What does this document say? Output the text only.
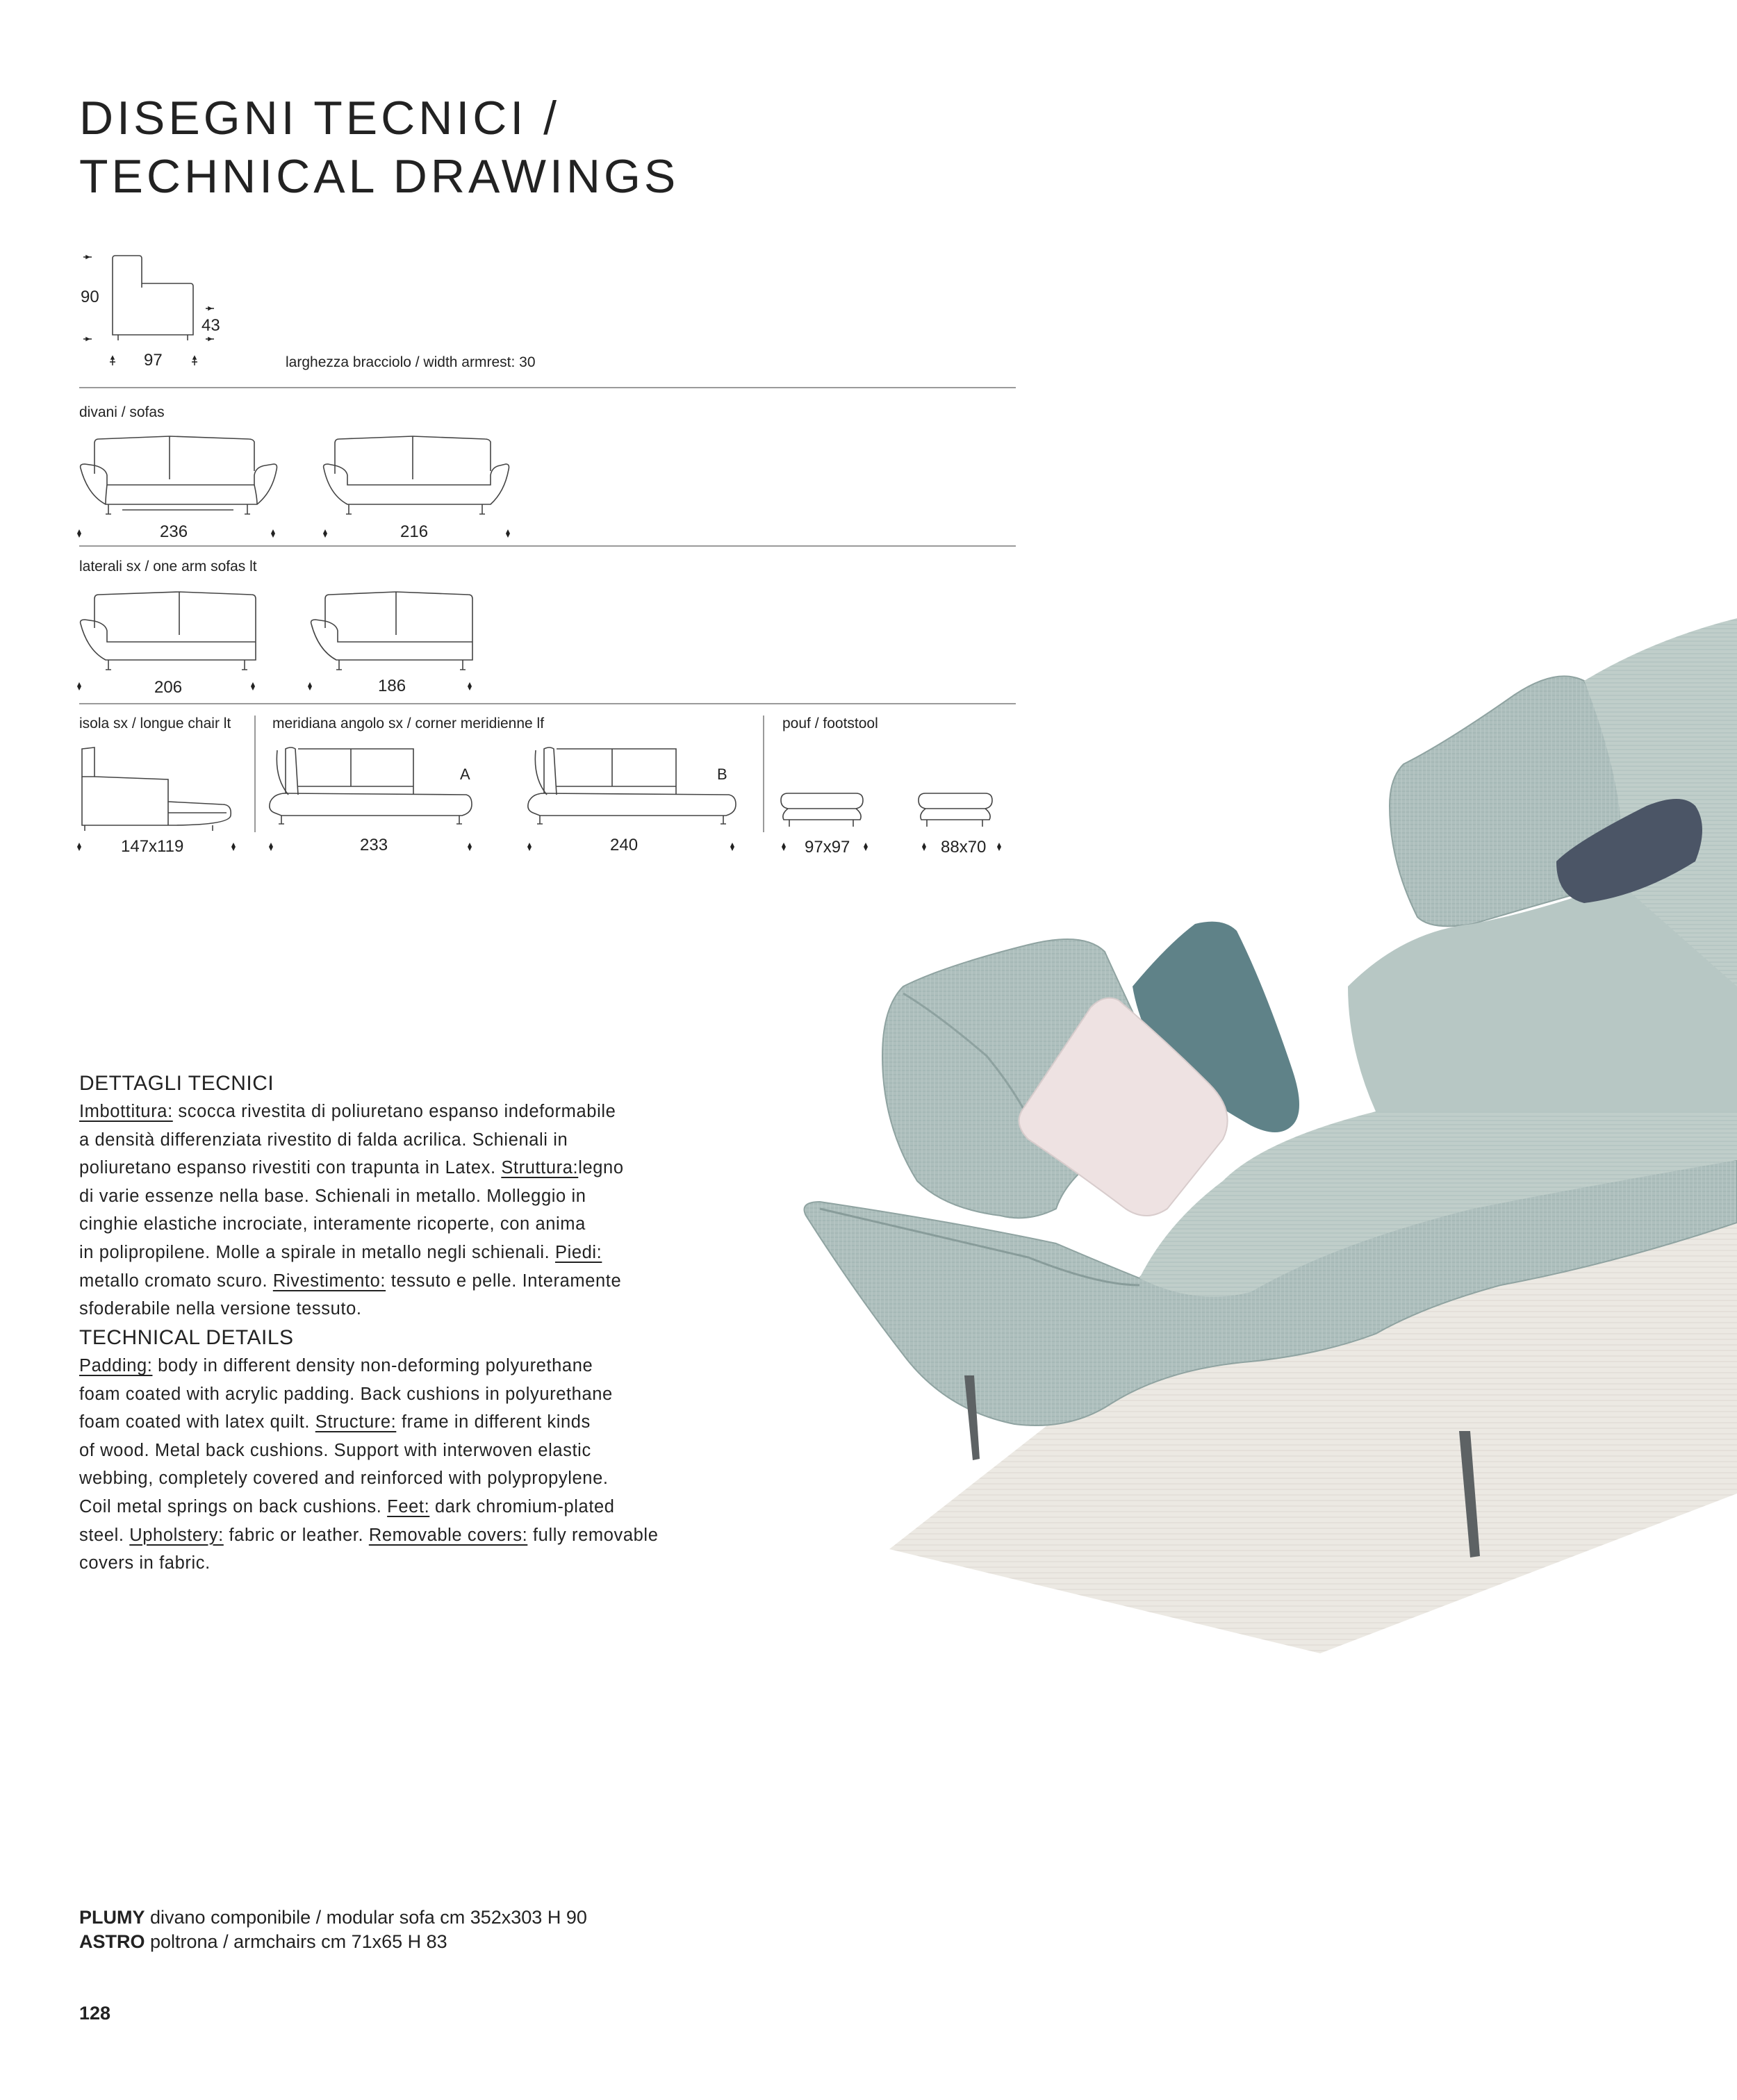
DISEGNI TECNICI /
TECHNICAL DRAWINGS
90
43
97	larghezza bracciolo / width armrest: 30
divani / sofas
236	216
laterali sx / one arm sofas lt
206	186
isola sx / longue chair lt	meridiana angolo sx / corner meridienne lf	pouf / footstool
A	B
147x119	233	240	97x97	88x70
DETTAGLI TECNICI

Imbottitura: scocca rivestita di poliuretano espanso indeformabile
a densità differenziata rivestito di falda acrilica. Schienali in
poliuretano espanso rivestiti con trapunta in Latex. Struttura:legno
di varie essenze nella base. Schienali in metallo. Molleggio in
cinghie elastiche incrociate, interamente ricoperte, con anima
in polipropilene. Molle a spirale in metallo negli schienali. Piedi:
metallo cromato scuro. Rivestimento: tessuto e pelle. Interamente
sfoderabile nella versione tessuto.

TECHNICAL DETAILS

Padding: body in different density non-deforming polyurethane
foam coated with acrylic padding. Back cushions in polyurethane
foam coated with latex quilt. Structure: frame in different kinds
of wood. Metal back cushions. Support with interwoven elastic
webbing, completely covered and reinforced with polypropylene.
Coil metal springs on back cushions. Feet: dark chromium-plated
steel. Upholstery: fabric or leather. Removable covers: fully removable
covers in fabric.

PLUMY divano componibile / modular sofa cm 352x303 H 90
ASTRO poltrona / armchairs cm 71x65 H 83
128
